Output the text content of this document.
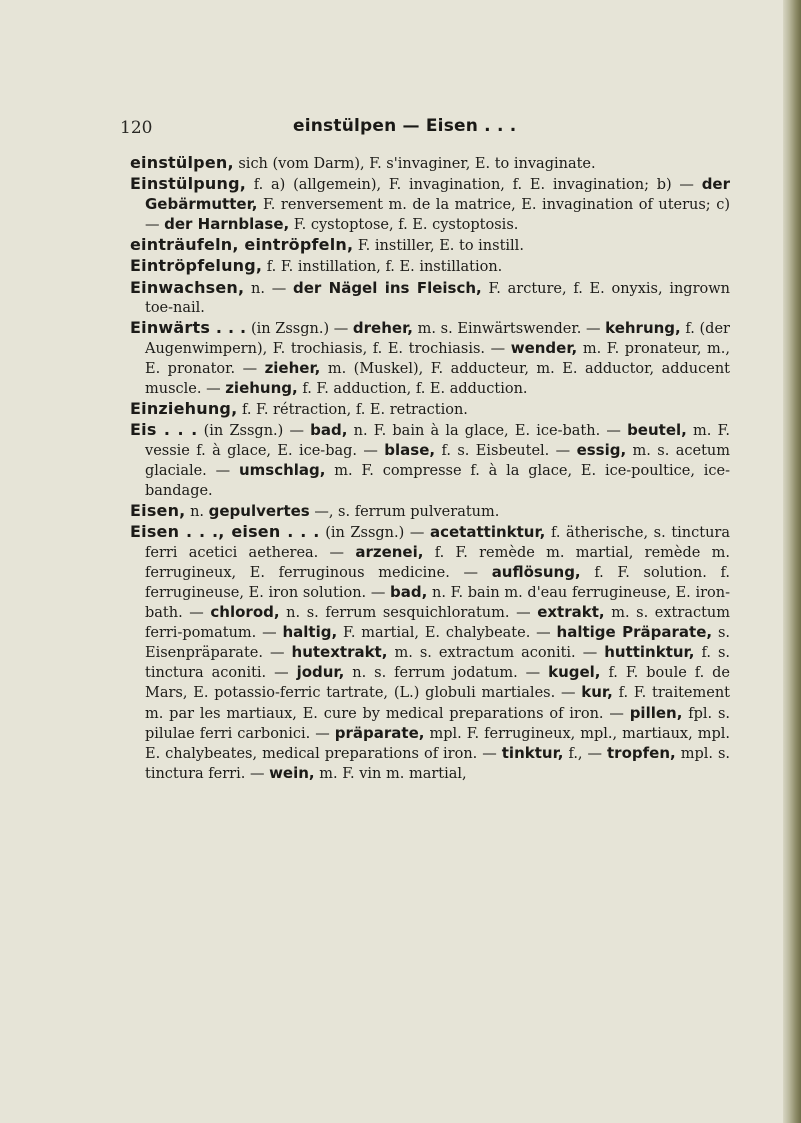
120	einstülpen — Eisen . . .

einstülpen, sich (vom Darm), F. s'invaginer, E. to invaginate.

Einstülpung, f. a) (allgemein), F. invagination, f. E. invagination; b) — der Gebärmutter, F. renversement m. de la matrice, E. invagination of uterus; c) — der Harnblase, F. cystoptose, f. E. cystoptosis.

einträufeln, eintröpfeln, F. instiller, E. to instill.

Eintröpfelung, f. F. instillation, f. E. instillation.

Einwachsen, n. — der Nägel ins Fleisch, F. arcture, f. E. onyxis, ingrown toe-nail.

Einwärts . . . (in Zssgn.) — dreher, m. s. Einwärtswender. — kehrung, f. (der Augenwimpern), F. trochiasis, f. E. trochiasis. — wender, m. F. pronateur, m., E. pronator. — zieher, m. (Muskel), F. adducteur, m. E. adductor, adducent muscle. — ziehung, f. F. adduction, f. E. adduction.

Einziehung, f. F. rétraction, f. E. retraction.

Eis . . . (in Zssgn.) — bad, n. F. bain à la glace, E. ice-bath. — beutel, m. F. vessie f. à glace, E. ice-bag. — blase, f. s. Eisbeutel. — essig, m. s. acetum glaciale. — umschlag, m. F. compresse f. à la glace, E. ice-poultice, ice-bandage.

Eisen, n. gepulvertes —, s. ferrum pulveratum.

Eisen . . ., eisen . . . (in Zssgn.) — acetattinktur, f. ätherische, s. tinctura ferri acetici aetherea. — arzenei, f. F. remède m. martial, remède m. ferrugineux, E. ferruginous medicine. — auflösung, f. F. solution. f. ferrugineuse, E. iron solution. — bad, n. F. bain m. d'eau ferrugineuse, E. iron-bath. — chlorod, n. s. ferrum sesquichloratum. — extrakt, m. s. extractum ferri-pomatum. — haltig, F. martial, E. chalybeate. — haltige Präparate, s. Eisenpräparate. — hutextrakt, m. s. extractum aconiti. — huttinktur, f. s. tinctura aconiti. — jodur, n. s. ferrum jodatum. — kugel, f. F. boule f. de Mars, E. potassio-ferric tartrate, (L.) globuli martiales. — kur, f. F. traitement m. par les martiaux, E. cure by medical preparations of iron. — pillen, fpl. s. pilulae ferri carbonici. — präparate, mpl. F. ferrugineux, mpl., martiaux, mpl. E. chalybeates, medical preparations of iron. — tinktur, f., — tropfen, mpl. s. tinctura ferri. — wein, m. F. vin m. martial,
